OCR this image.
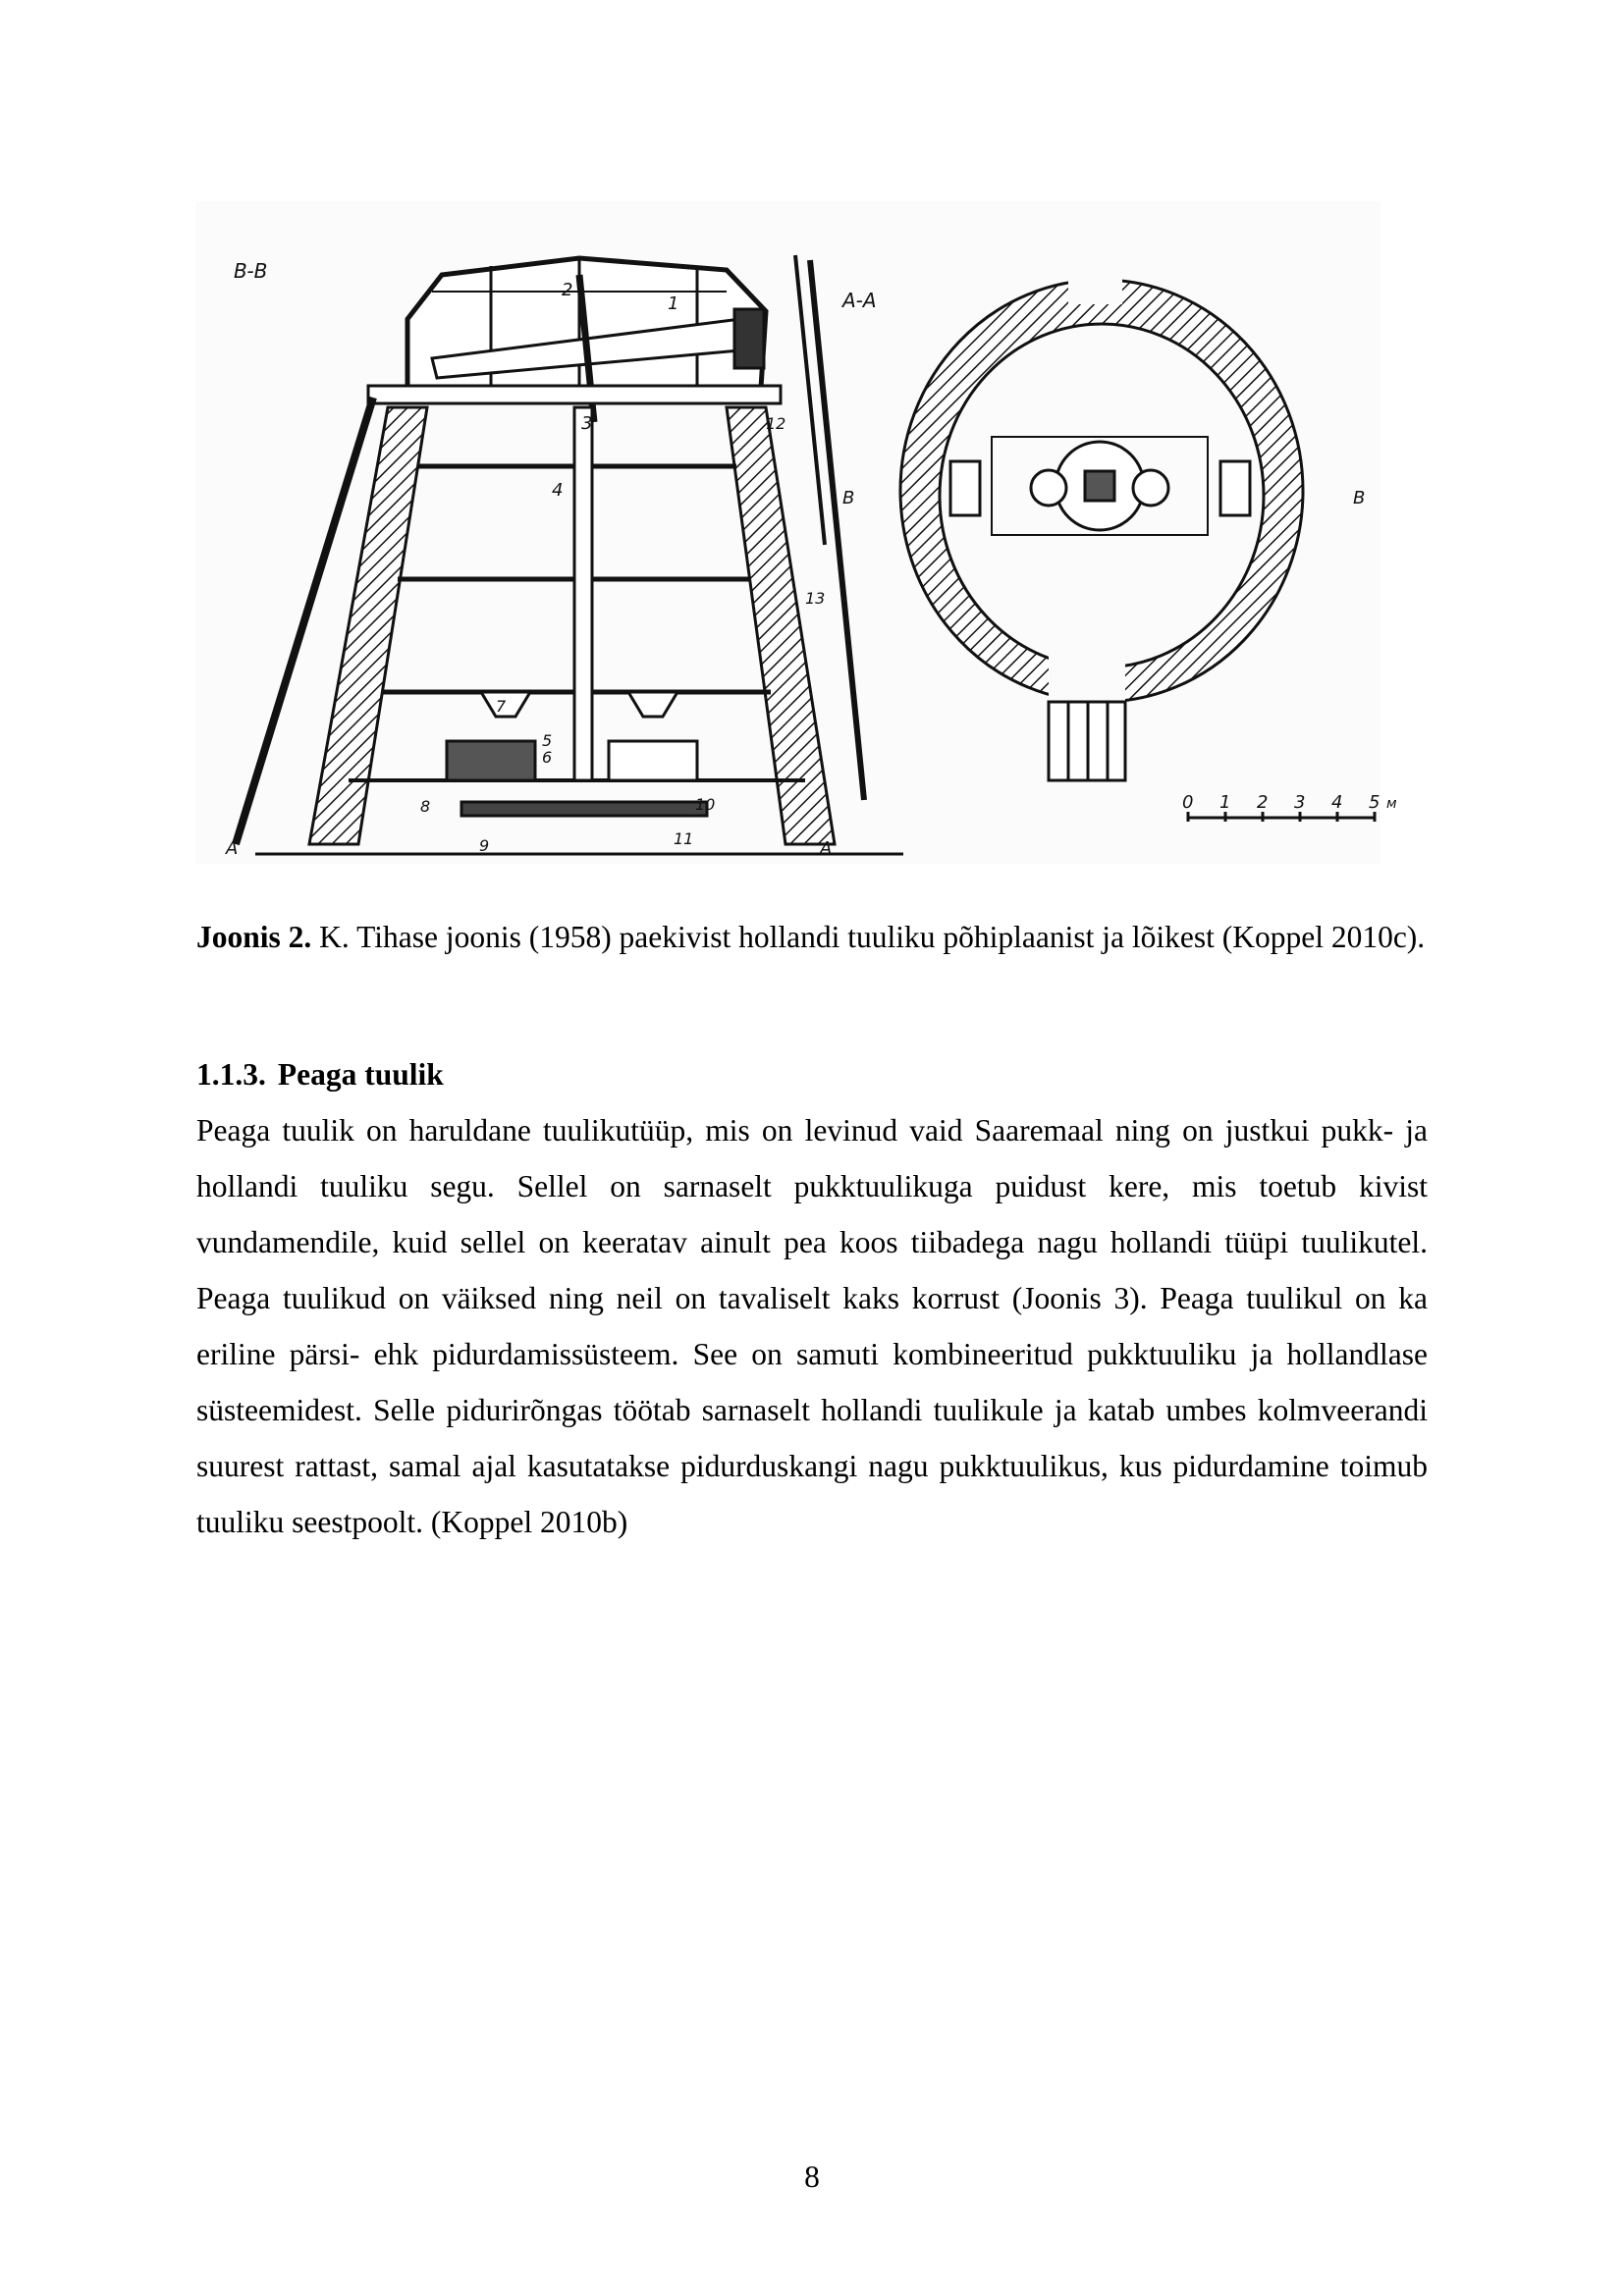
B-B
1
2
3
4
5
6
7
8
9
10
11
12
13
A	A
A-A
B	B
0 1 2 3 4 5 м
Joonis 2. K. Tihase joonis (1958) paekivist hollandi tuuliku põhiplaanist ja lõikest (Koppel 2010c).
1.1.3. Peaga tuulik

Peaga tuulik on haruldane tuulikutüüp, mis on levinud vaid Saaremaal ning on justkui pukk- ja hollandi tuuliku segu. Sellel on sarnaselt pukktuulikuga puidust kere, mis toetub kivist vundamendile, kuid sellel on keeratav ainult pea koos tiibadega nagu hollandi tüüpi tuulikutel. Peaga tuulikud on väiksed ning neil on tavaliselt kaks korrust (Joonis 3). Peaga tuulikul on ka eriline pärsi- ehk pidurdamissüsteem. See on samuti kombineeritud pukktuuliku ja hollandlase süsteemidest. Selle pidurirõngas töötab sarnaselt hollandi tuulikule ja katab umbes kolmveerandi suurest rattast, samal ajal kasutatakse pidurduskangi nagu pukktuulikus, kus pidurdamine toimub tuuliku seestpoolt. (Koppel 2010b)

8
